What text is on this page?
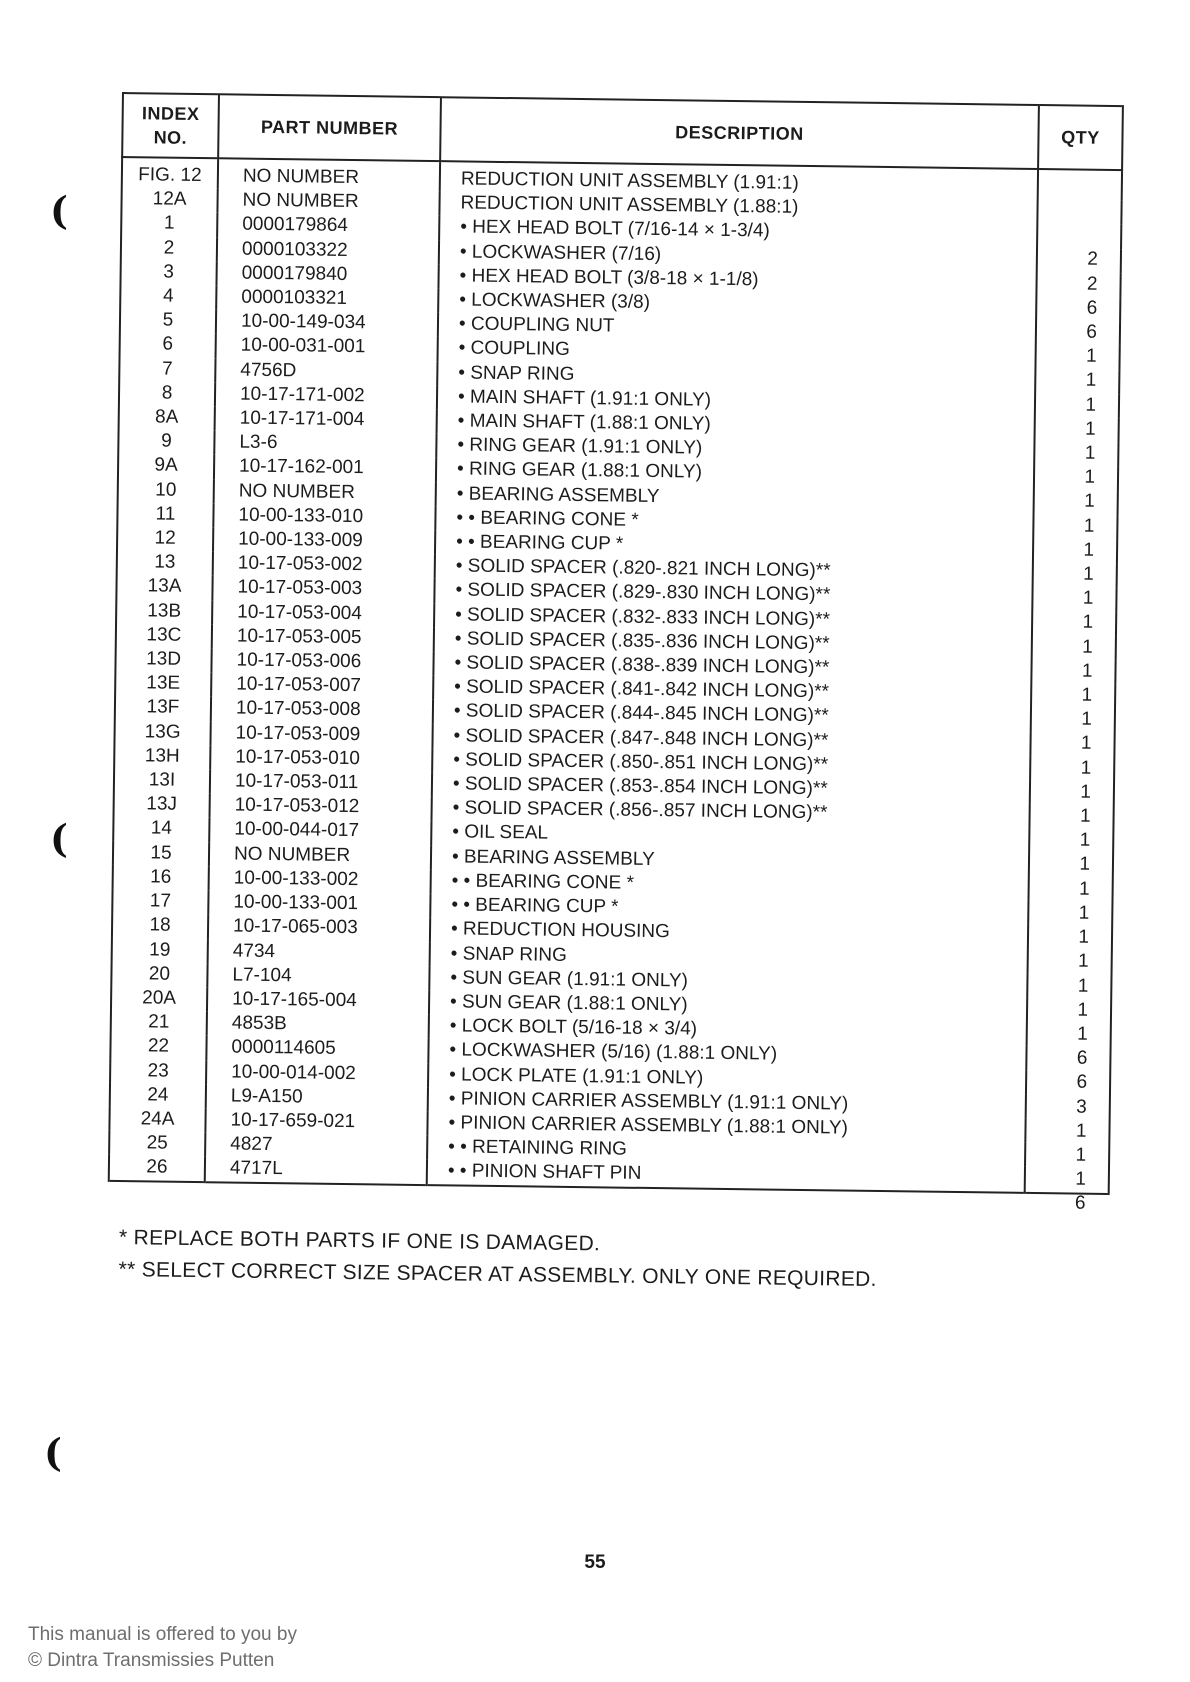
(
(
(
INDEX NO.	PART NUMBER	DESCRIPTION	QTY
FIG. 12	NO NUMBER	REDUCTION UNIT ASSEMBLY (1.91:1)	
12A	NO NUMBER	REDUCTION UNIT ASSEMBLY (1.88:1)	
1	0000179864	• HEX HEAD BOLT (7/16-14 × 1-3/4)	2
2	0000103322	• LOCKWASHER (7/16)	2
3	0000179840	• HEX HEAD BOLT (3/8-18 × 1-1/8)	6
4	0000103321	• LOCKWASHER (3/8)	6
5	10-00-149-034	• COUPLING NUT	1
6	10-00-031-001	• COUPLING	1
7	4756D	• SNAP RING	1
8	10-17-171-002	• MAIN SHAFT (1.91:1 ONLY)	1
8A	10-17-171-004	• MAIN SHAFT (1.88:1 ONLY)	1
9	L3-6	• RING GEAR (1.91:1 ONLY)	1
9A	10-17-162-001	• RING GEAR (1.88:1 ONLY)	1
10	NO NUMBER	• BEARING ASSEMBLY	1
11	10-00-133-010	• • BEARING CONE *	1
12	10-00-133-009	• • BEARING CUP *	1
13	10-17-053-002	• SOLID SPACER (.820-.821 INCH LONG)**	1
13A	10-17-053-003	• SOLID SPACER (.829-.830 INCH LONG)**	1
13B	10-17-053-004	• SOLID SPACER (.832-.833 INCH LONG)**	1
13C	10-17-053-005	• SOLID SPACER (.835-.836 INCH LONG)**	1
13D	10-17-053-006	• SOLID SPACER (.838-.839 INCH LONG)**	1
13E	10-17-053-007	• SOLID SPACER (.841-.842 INCH LONG)**	1
13F	10-17-053-008	• SOLID SPACER (.844-.845 INCH LONG)**	1
13G	10-17-053-009	• SOLID SPACER (.847-.848 INCH LONG)**	1
13H	10-17-053-010	• SOLID SPACER (.850-.851 INCH LONG)**	1
13I	10-17-053-011	• SOLID SPACER (.853-.854 INCH LONG)**	1
13J	10-17-053-012	• SOLID SPACER (.856-.857 INCH LONG)**	1
14	10-00-044-017	• OIL SEAL	1
15	NO NUMBER	• BEARING ASSEMBLY	1
16	10-00-133-002	• • BEARING CONE *	1
17	10-00-133-001	• • BEARING CUP *	1
18	10-17-065-003	• REDUCTION HOUSING	1
19	4734	• SNAP RING	1
20	L7-104	• SUN GEAR (1.91:1 ONLY)	1
20A	10-17-165-004	• SUN GEAR (1.88:1 ONLY)	1
21	4853B	• LOCK BOLT (5/16-18 × 3/4)	6
22	0000114605	• LOCKWASHER (5/16) (1.88:1 ONLY)	6
23	10-00-014-002	• LOCK PLATE (1.91:1 ONLY)	3
24	L9-A150	• PINION CARRIER ASSEMBLY (1.91:1 ONLY)	1
24A	10-17-659-021	• PINION CARRIER ASSEMBLY (1.88:1 ONLY)	1
25	4827	• • RETAINING RING	1
26	4717L	• • PINION SHAFT PIN	6
* REPLACE BOTH PARTS IF ONE IS DAMAGED.
** SELECT CORRECT SIZE SPACER AT ASSEMBLY. ONLY ONE REQUIRED.
55
This manual is offered to you by
© Dintra Transmissies Putten
